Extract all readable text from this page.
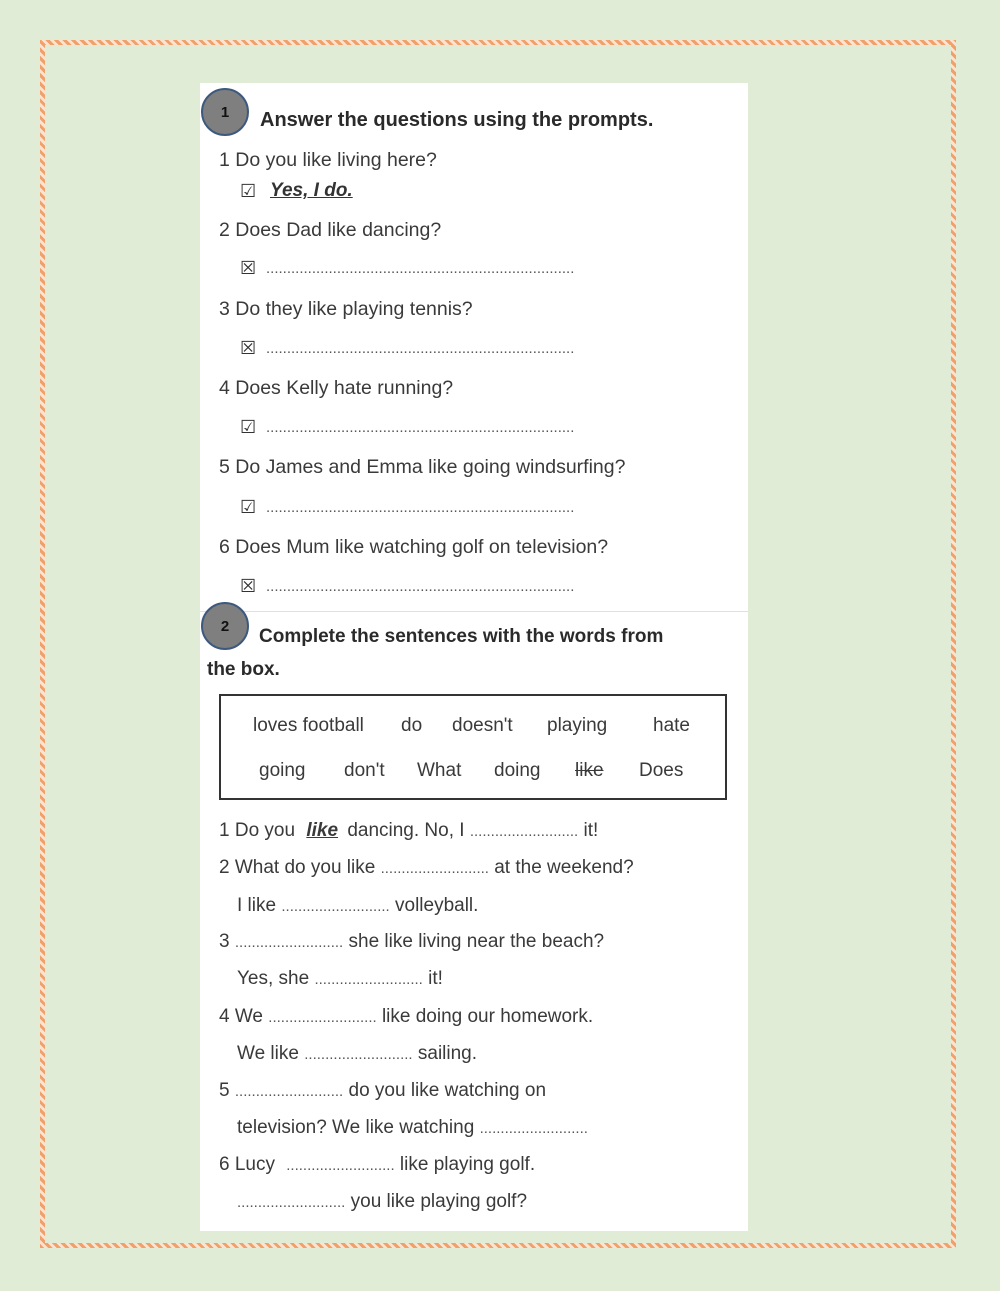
1 Answer the questions using the prompts.
1 Do you like living here?
☑ Yes, I do.
2 Does Dad like dancing?
☒ ..........................................................................
3 Do they like playing tennis?
☒ ..........................................................................
4 Does Kelly hate running?
☑ ..........................................................................
5 Do James and Emma like going windsurfing?
☑ ..........................................................................
6 Does Mum like watching golf on television?
☒ ..........................................................................
2 Complete the sentences with the words from
the box.
loves football do doesn't playing hate
going don't What doing like Does
1 Do you like dancing. No, I .......................... it!
2 What do you like .......................... at the weekend?
I like .......................... volleyball.
3 .......................... she like living near the beach?
Yes, she .......................... it!
4 We .......................... like doing our homework.
We like .......................... sailing.
5 .......................... do you like watching on
television? We like watching ..........................
6 Lucy .......................... like playing golf.
.......................... you like playing golf?
